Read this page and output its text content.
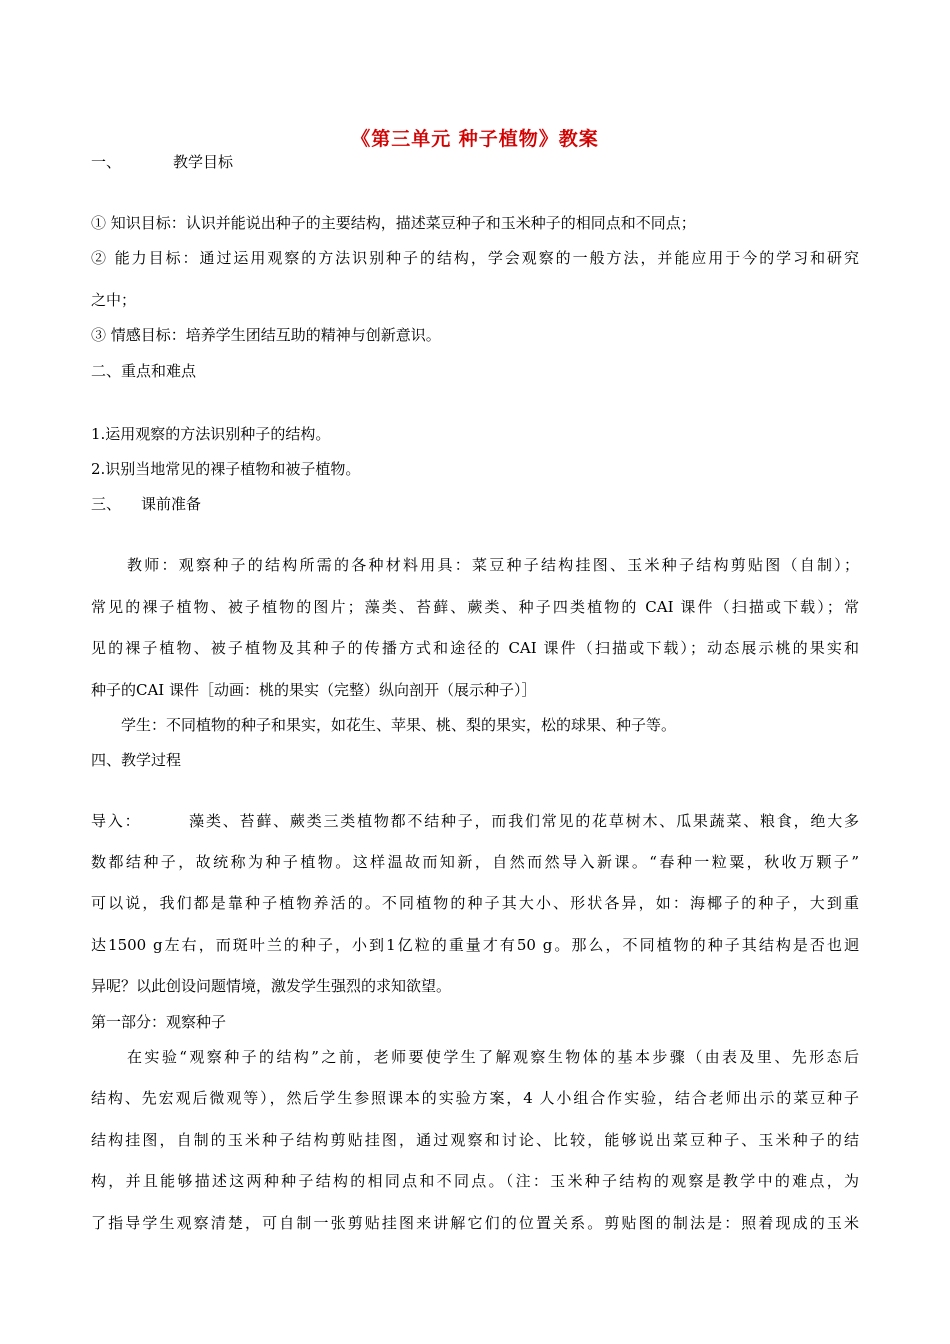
《第三单元 种子植物》教案
一、	教学目标
① 知识目标：认识并能说出种子的主要结构，描述菜豆种子和玉米种子的相同点和不同点；
② 能力目标：通过运用观察的方法识别种子的结构，学会观察的一般方法，并能应用于今的学习和研究
之中；
③ 情感目标：培养学生团结互助的精神与创新意识。
二、重点和难点
1.运用观察的方法识别种子的结构。
2.识别当地常见的裸子植物和被子植物。
三、 课前准备
教师：观察种子的结构所需的各种材料用具：菜豆种子结构挂图、玉米种子结构剪贴图（自制）；
常见的裸子植物、被子植物的图片；藻类、苔藓、蕨类、种子四类植物的 CAI 课件（扫描或下载）；常
见的裸子植物、被子植物及其种子的传播方式和途径的 CAI 课件（扫描或下载）；动态展示桃的果实和
种子的CAI 课件［动画：桃的果实（完整）纵向剖开（展示种子）］
学生：不同植物的种子和果实，如花生、苹果、桃、梨的果实，松的球果、种子等。
四、教学过程
导入：	藻类、苔藓、蕨类三类植物都不结种子，而我们常见的花草树木、瓜果蔬菜、粮食，绝大多
数都结种子，故统称为种子植物。这样温故而知新，自然而然导入新课。“春种一粒粟，秋收万颗子”
可以说，我们都是靠种子植物养活的。不同植物的种子其大小、形状各异，如：海椰子的种子，大到重
达1500 g左右，而斑叶兰的种子，小到1亿粒的重量才有50 g。那么，不同植物的种子其结构是否也迥
异呢？以此创设问题情境，激发学生强烈的求知欲望。
第一部分：观察种子
在实验“观察种子的结构”之前，老师要使学生了解观察生物体的基本步骤（由表及里、先形态后
结构、先宏观后微观等），然后学生参照课本的实验方案，4 人小组合作实验，结合老师出示的菜豆种子
结构挂图，自制的玉米种子结构剪贴挂图，通过观察和讨论、比较，能够说出菜豆种子、玉米种子的结
构，并且能够描述这两种种子结构的相同点和不同点。（注：玉米种子结构的观察是教学中的难点，为
了指导学生观察清楚，可自制一张剪贴挂图来讲解它们的位置关系。剪贴图的制法是：照着现成的玉米
